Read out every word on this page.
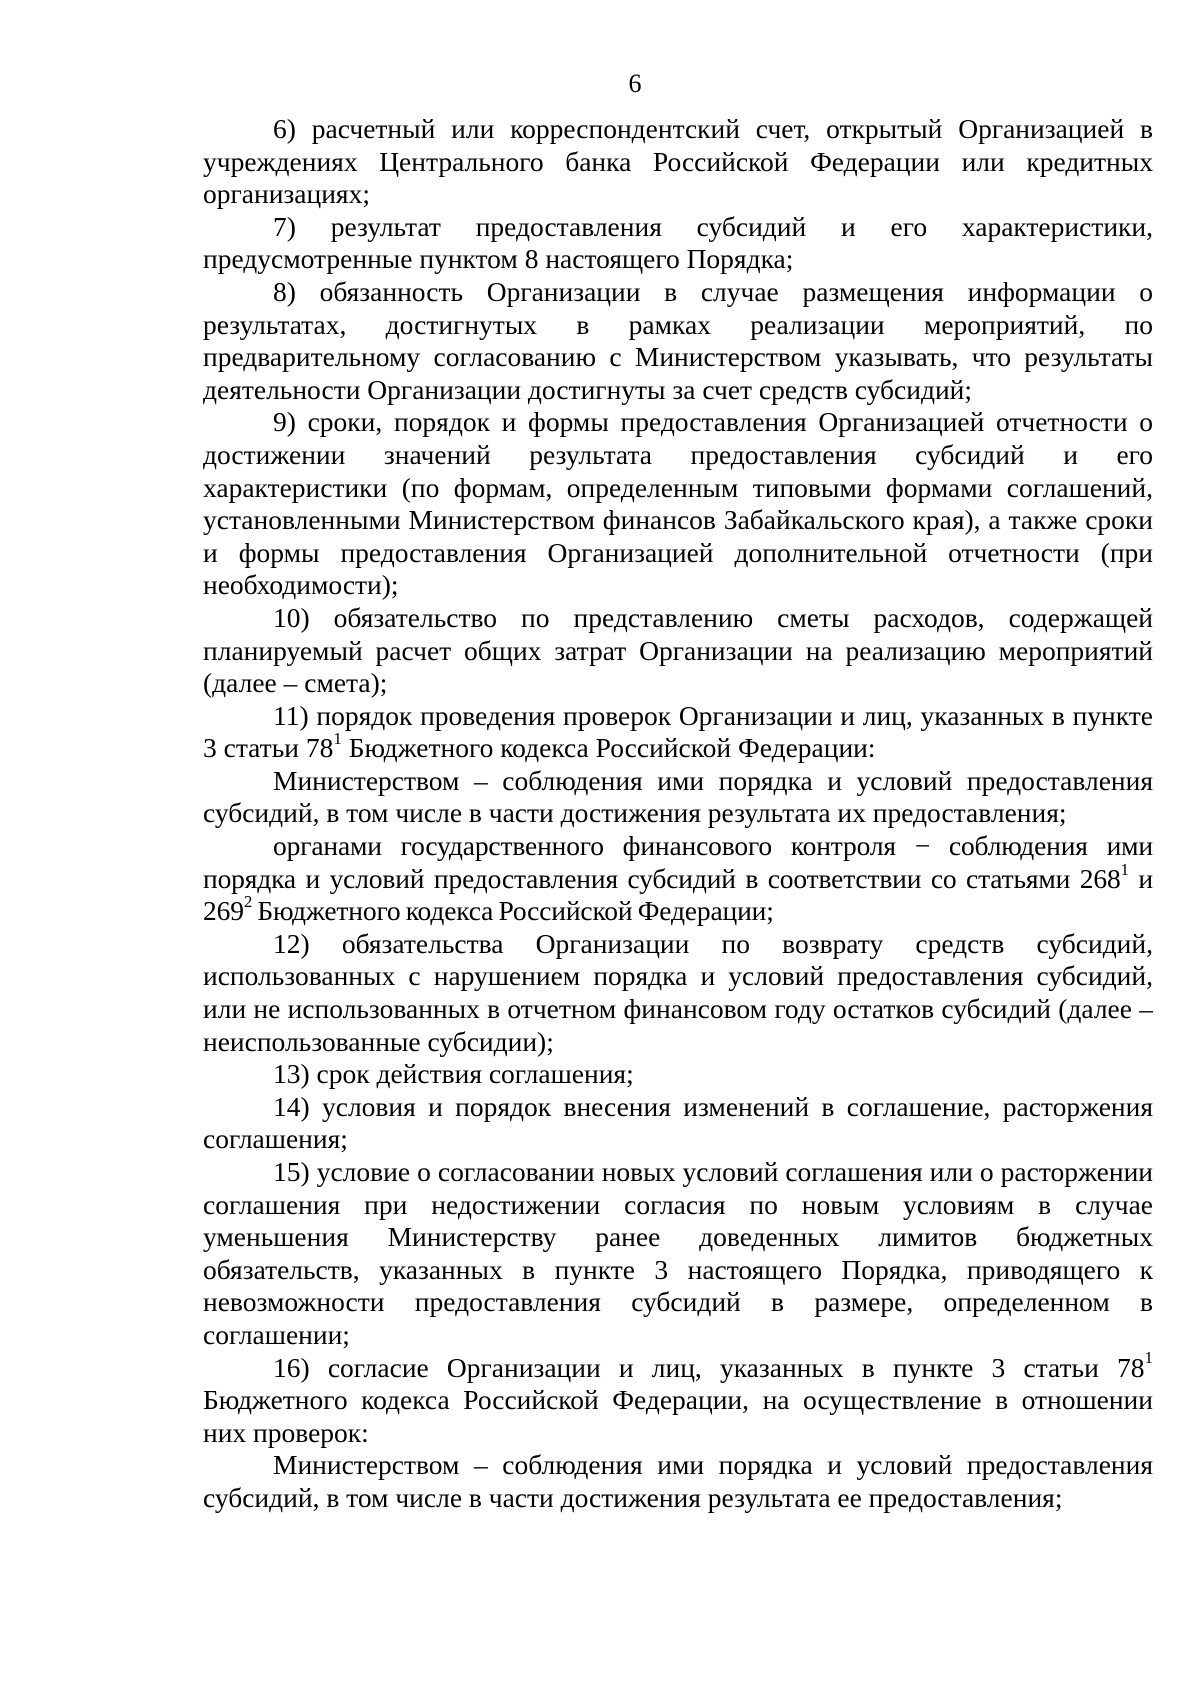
6

6) расчетный или корреспондентский счет, открытый Организацией в учреждениях Центрального банка Российской Федерации или кредитных организациях;

7) результат предоставления субсидий и его характеристики, предусмотренные пунктом 8 настоящего Порядка;

8) обязанность Организации в случае размещения информации о результатах, достигнутых в рамках реализации мероприятий, по предварительному согласованию с Министерством указывать, что результаты деятельности Организации достигнуты за счет средств субсидий;

9) сроки, порядок и формы предоставления Организацией отчетности о достижении значений результата предоставления субсидий и его характеристики (по формам, определенным типовыми формами соглашений, установленными Министерством финансов Забайкальского края), а также сроки и формы предоставления Организацией дополнительной отчетности (при необходимости);

10) обязательство по представлению сметы расходов, содержащей планируемый расчет общих затрат Организации на реализацию мероприятий (далее – смета);

11) порядок проведения проверок Организации и лиц, указанных в пункте 3 статьи $78^1$ Бюджетного кодекса Российской Федерации:

Министерством – соблюдения ими порядка и условий предоставления субсидий, в том числе в части достижения результата их предоставления;

органами государственного финансового контроля − соблюдения ими порядка и условий предоставления субсидий в соответствии со статьями $268^1$ и $269^2$ Бюджетного кодекса Российской Федерации;

12) обязательства Организации по возврату средств субсидий, использованных с нарушением порядка и условий предоставления субсидий, или не использованных в отчетном финансовом году остатков субсидий (далее – неиспользованные субсидии);

13) срок действия соглашения;

14) условия и порядок внесения изменений в соглашение, расторжения соглашения;

15) условие о согласовании новых условий соглашения или о расторжении соглашения при недостижении согласия по новым условиям в случае уменьшения Министерству ранее доведенных лимитов бюджетных обязательств, указанных в пункте 3 настоящего Порядка, приводящего к невозможности предоставления субсидий в размере, определенном в соглашении;

16) согласие Организации и лиц, указанных в пункте 3 статьи $78^1$ Бюджетного кодекса Российской Федерации, на осуществление в отношении них проверок:

Министерством – соблюдения ими порядка и условий предоставления субсидий, в том числе в части достижения результата ее предоставления;
